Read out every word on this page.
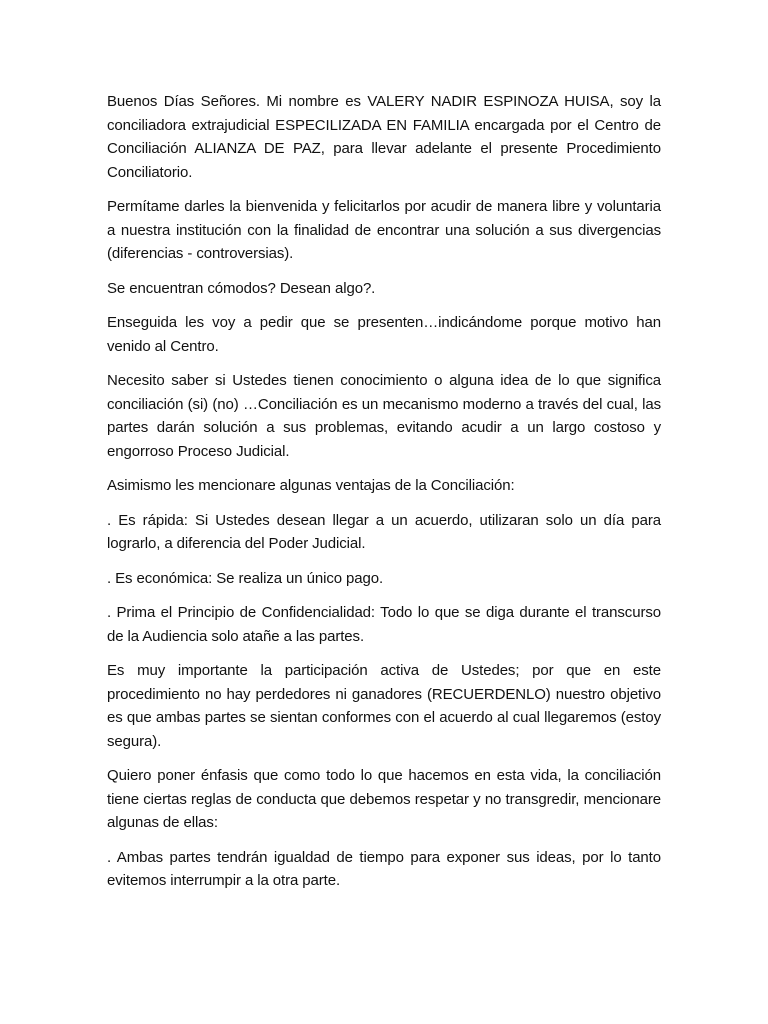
Buenos Días Señores. Mi nombre es VALERY NADIR ESPINOZA HUISA, soy la conciliadora extrajudicial ESPECILIZADA EN FAMILIA encargada por el Centro de Conciliación ALIANZA DE PAZ, para llevar adelante el presente Procedimiento Conciliatorio.

Permítame darles la bienvenida y felicitarlos por acudir de manera libre y voluntaria a nuestra institución con la finalidad de encontrar una solución a sus divergencias (diferencias - controversias).

Se encuentran cómodos? Desean algo?.

Enseguida les voy a pedir que se presenten…indicándome porque motivo han venido al Centro.

Necesito saber si Ustedes tienen conocimiento o alguna idea de lo que significa conciliación (si) (no) …Conciliación es un mecanismo moderno a través del cual, las partes darán solución a sus problemas, evitando acudir a un largo costoso y engorroso Proceso Judicial.

Asimismo les mencionare algunas ventajas de la Conciliación:

. Es rápida: Si Ustedes desean llegar a un acuerdo, utilizaran solo un día para lograrlo, a diferencia del Poder Judicial.

. Es económica: Se realiza un único pago.

. Prima el Principio de Confidencialidad: Todo lo que se diga durante el transcurso de la Audiencia solo atañe a las partes.

Es muy importante la participación activa de Ustedes; por que en este procedimiento no hay perdedores ni ganadores (RECUERDENLO) nuestro objetivo es que ambas partes se sientan conformes con el acuerdo al cual llegaremos (estoy segura).

Quiero poner énfasis que como todo lo que hacemos en esta vida, la conciliación tiene ciertas reglas de conducta que debemos respetar y no transgredir, mencionare algunas de ellas:

. Ambas partes tendrán igualdad de tiempo para exponer sus ideas, por lo tanto evitemos interrumpir a la otra parte.
